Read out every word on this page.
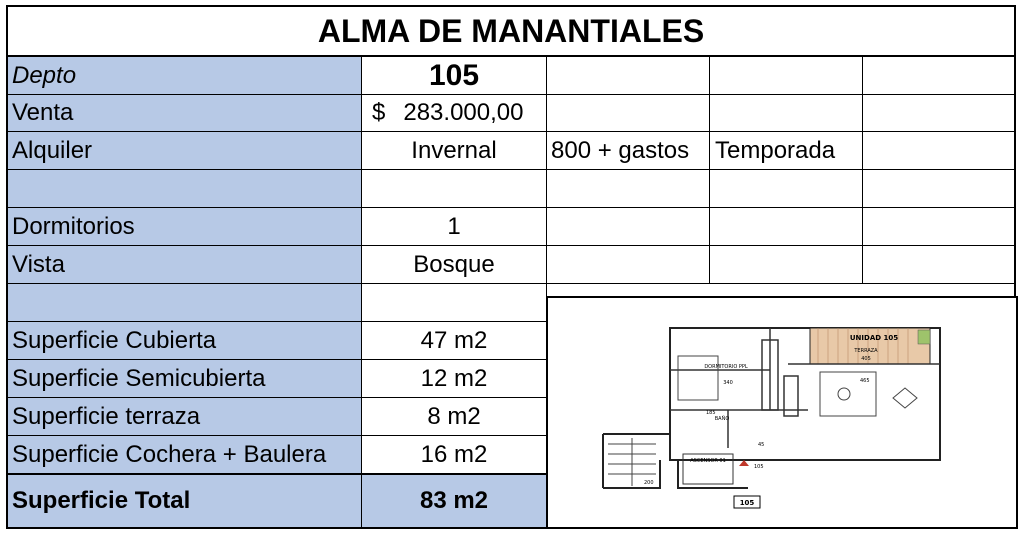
ALMA DE MANANTIALES
Depto	105
Venta	$ 283.000,00
Alquiler	Invernal	800 + gastos	Temporada
Dormitorios	1
Vista	Bosque
Superficie Cubierta	47 m2
Superficie Semicubierta	12 m2
Superficie terraza	8 m2
Superficie Cochera + Baulera	16 m2
Superficie Total	83 m2
UNIDAD 105
TERRAZA
405
DORMITORIO PPL
340	465
BAÑO
185
ASCENSOR 01
105
200
45
105
